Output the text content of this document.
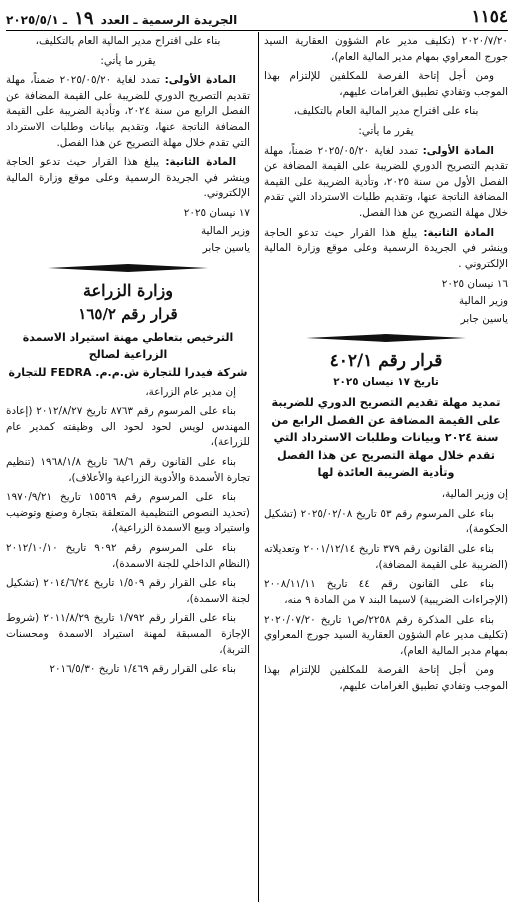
١١٥٤
الجريدة الرسمية ـ العدد ١٩ ـ ٢٠٢٥/٥/١

٢٠٢٠/٧/٢٠ (تكليف مدير عام الشؤون العقارية السيد جورج المعراوي بمهام مدير المالية العام)،

ومن أجل إتاحة الفرصة للمكلفين للإلتزام بهذا الموجب وتفادي تطبيق الغرامات عليهم،

بناء على اقتراح مدير المالية العام بالتكليف،

يقرر ما يأتي:

المادة الأولى: تمدد لغاية ٢٠٢٥/٠٥/٢٠ ضمناً، مهلة تقديم التصريح الدوري للضريبة على القيمة المضافة عن الفصل الأول من سنة ٢٠٢٥، وتأدية الضريبة على القيمة المضافة الناتجة عنها، وتقديم طلبات الاسترداد التي تقدم خلال مهلة التصريح عن هذا الفصل.

المادة الثانية: يبلغ هذا القرار حيث تدعو الحاجة وينشر في الجريدة الرسمية وعلى موقع وزارة المالية الإلكتروني .

١٦ نيسان ٢٠٢٥

وزير المالية

ياسين جابر

قرار رقم ٤٠٢/١

تاريخ ١٧ نيسان ٢٠٢٥

تمديد مهلة تقديم التصريح الدوري للضريبة على القيمة المضافة عن الفصل الرابع من سنة ٢٠٢٤ وبيانات وطلبات الاسترداد التي تقدم خلال مهلة التصريح عن هذا الفصل وتأدية الضريبة العائدة لها

إن وزير المالية،

بناء على المرسوم رقم ٥٣ تاريخ ٢٠٢٥/٠٢/٠٨ (تشكيل الحكومة)،

بناء على القانون رقم ٣٧٩ تاريخ ٢٠٠١/١٢/١٤ وتعديلاته (الضريبة على القيمة المضافة)،

بناء على القانون رقم ٤٤ تاريخ ٢٠٠٨/١١/١١ (الإجراءات الضريبية) لاسيما البند ٧ من المادة ٩ منه،

بناء على المذكرة رقم ٢٢٥٨/ص١ تاريخ ٢٠٢٠/٠٧/٢٠ (تكليف مدير عام الشؤون العقارية السيد جورج المعراوي بمهام مدير المالية العام)،

ومن أجل إتاحة الفرصة للمكلفين للإلتزام بهذا الموجب وتفادي تطبيق الغرامات عليهم،

بناء على اقتراح مدير المالية العام بالتكليف،

يقرر ما يأتي:

المادة الأولى: تمدد لغاية ٢٠٢٥/٠٥/٢٠ ضمناً، مهلة تقديم التصريح الدوري للضريبة على القيمة المضافة عن الفصل الرابع من سنة ٢٠٢٤، وتأدية الضريبة على القيمة المضافة الناتجة عنها، وتقديم بيانات وطلبات الاسترداد التي تقدم خلال مهلة التصريح عن هذا الفصل.

المادة الثانية: يبلغ هذا القرار حيث تدعو الحاجة وينشر في الجريدة الرسمية وعلى موقع وزارة المالية الإلكتروني.

١٧ نيسان ٢٠٢٥

وزير المالية

ياسين جابر

وزارة الزراعة

قرار رقم ١٦٥/٢

الترخيص بتعاطي مهنة استيراد الاسمدة الزراعية لصالح
شركة فيدرا للتجارة ش.م.م. FEDRA للتجارة

إن مدير عام الزراعة،

بناء على المرسوم رقم ٨٧٦٣ تاريخ ٢٠١٢/٨/٢٧ (إعادة المهندس لويس لحود لحود الى وظيفته كمدير عام للزراعة)،

بناء على القانون رقم ٦٨/٦ تاريخ ١٩٦٨/١/٨ (تنظيم تجارة الأسمدة والأدوية الزراعية والأعلاف)،

بناء على المرسوم رقم ١٥٥٦٩ تاريخ ١٩٧٠/٩/٢١ (تحديد النصوص التنظيمية المتعلقة بتجارة وصنع وتوضيب واستيراد وبيع الاسمدة الزراعية)،

بناء على المرسوم رقم ٩٠٩٢ تاريخ ٢٠١٢/١٠/١٠ (النظام الداخلي للجنة الاسمدة)،

بناء على القرار رقم ١/٥٠٩ تاريخ ٢٠١٤/٦/٢٤ (تشكيل لجنة الاسمدة)،

بناء على القرار رقم ١/٧٩٢ تاريخ ٢٠١١/٨/٢٩ (شروط الإجازة المسبقة لمهنة استيراد الاسمدة ومحسنات التربة)،

بناء على القرار رقم ١/٤٦٩ تاريخ ٢٠١٦/٥/٣٠
